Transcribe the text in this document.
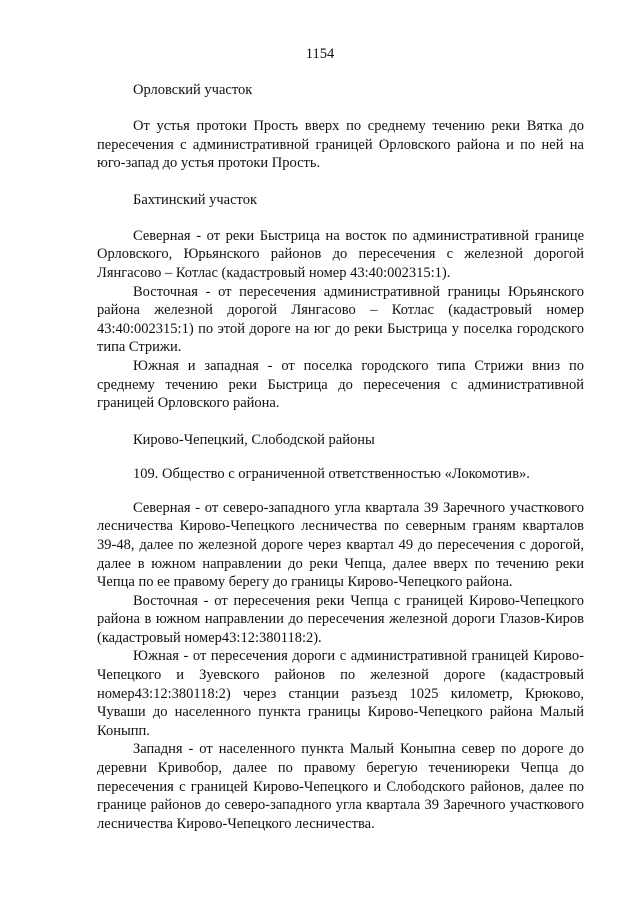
1154

Орловский участок

От устья протоки Прость вверх по среднему течению реки Вятка до пересечения с административной границей Орловского района и по ней на юго-запад до устья протоки Прость.

Бахтинский участок

Северная - от реки Быстрица на восток по административной границе Орловского, Юрьянского районов до пересечения с железной дорогой Лянгасово – Котлас (кадастровый номер 43:40:002315:1).

Восточная - от пересечения административной границы Юрьянского района железной дорогой Лянгасово – Котлас (кадастровый номер 43:40:002315:1) по этой дороге на юг до реки Быстрица у поселка городского типа Стрижи.

Южная и западная - от поселка городского типа Стрижи вниз по среднему течению реки Быстрица до пересечения с административной границей Орловского района.

Кирово-Чепецкий, Слободской районы

109. Общество с ограниченной ответственностью «Локомотив».

Северная - от северо-западного угла квартала 39 Заречного участкового лесничества Кирово-Чепецкого лесничества по северным граням кварталов 39-48, далее по железной дороге через квартал 49 до пересечения с дорогой, далее в южном направлении до реки Чепца, далее вверх по течению реки Чепца по ее правому берегу до границы Кирово-Чепецкого района.

Восточная - от пересечения реки Чепца с границей Кирово-Чепецкого района в южном направлении до пересечения железной дороги Глазов-Киров (кадастровый номер43:12:380118:2).

Южная - от пересечения дороги с административной границей Кирово-Чепецкого и Зуевского районов по железной дороге (кадастровый номер43:12:380118:2) через станции разъезд 1025 километр, Крюково, Чуваши до населенного пункта границы Кирово-Чепецкого района Малый Коныпп.

Западня - от населенного пункта Малый Коныпна север по дороге до деревни Кривобор, далее по правому берегую течениюреки Чепца до пересечения с границей Кирово-Чепецкого и Слободского районов, далее по границе районов до северо-западного угла квартала 39 Заречного участкового лесничества Кирово-Чепецкого лесничества.
